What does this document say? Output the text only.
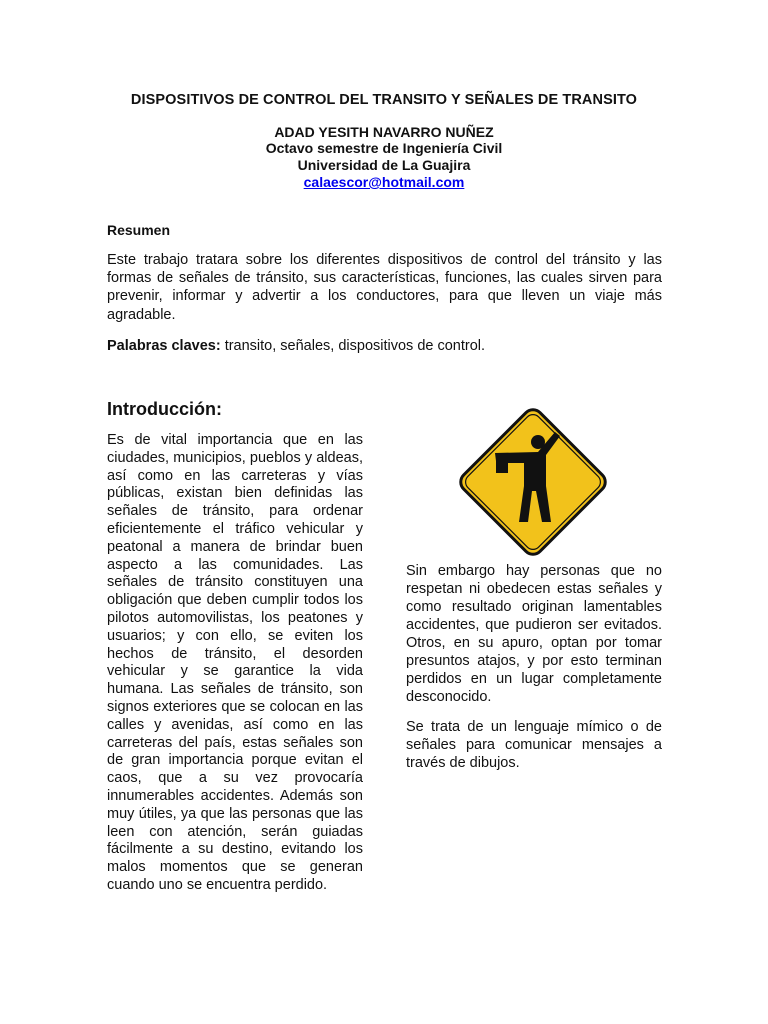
DISPOSITIVOS DE CONTROL DEL TRANSITO Y SEÑALES DE TRANSITO
ADAD YESITH NAVARRO NUÑEZ
Octavo semestre de Ingeniería Civil
Universidad de La Guajira
calaescor@hotmail.com
Resumen

Este trabajo tratara sobre los diferentes dispositivos de control del tránsito y las formas de señales de tránsito, sus características, funciones, las cuales sirven para prevenir, informar y advertir a los conductores, para que lleven un viaje más agradable.

Palabras claves: transito, señales, dispositivos de control.

Introducción:

Es de vital importancia que en las ciudades, municipios, pueblos y aldeas, así como en las carreteras y vías públicas, existan bien definidas las señales de tránsito, para ordenar eficientemente el tráfico vehicular y peatonal a manera de brindar buen aspecto a las comunidades. Las señales de tránsito constituyen una obligación que deben cumplir todos los pilotos automovilistas, los peatones y usuarios; y con ello, se eviten los hechos de tránsito, el desorden vehicular y se garantice la vida humana. Las señales de tránsito, son signos exteriores que se colocan en las calles y avenidas, así como en las carreteras del país, estas señales son de gran importancia porque evitan el caos, que a su vez provocaría innumerables accidentes. Además son muy útiles, ya que las personas que las leen con atención, serán guiadas fácilmente a su destino, evitando los malos momentos que se generan cuando uno se encuentra perdido.

Sin embargo hay personas que no respetan ni obedecen estas señales y como resultado originan lamentables accidentes, que pudieron ser evitados. Otros, en su apuro, optan por tomar presuntos atajos, y por esto terminan perdidos en un lugar completamente desconocido.

Se trata de un lenguaje mímico o de señales para comunicar mensajes a través de dibujos.
